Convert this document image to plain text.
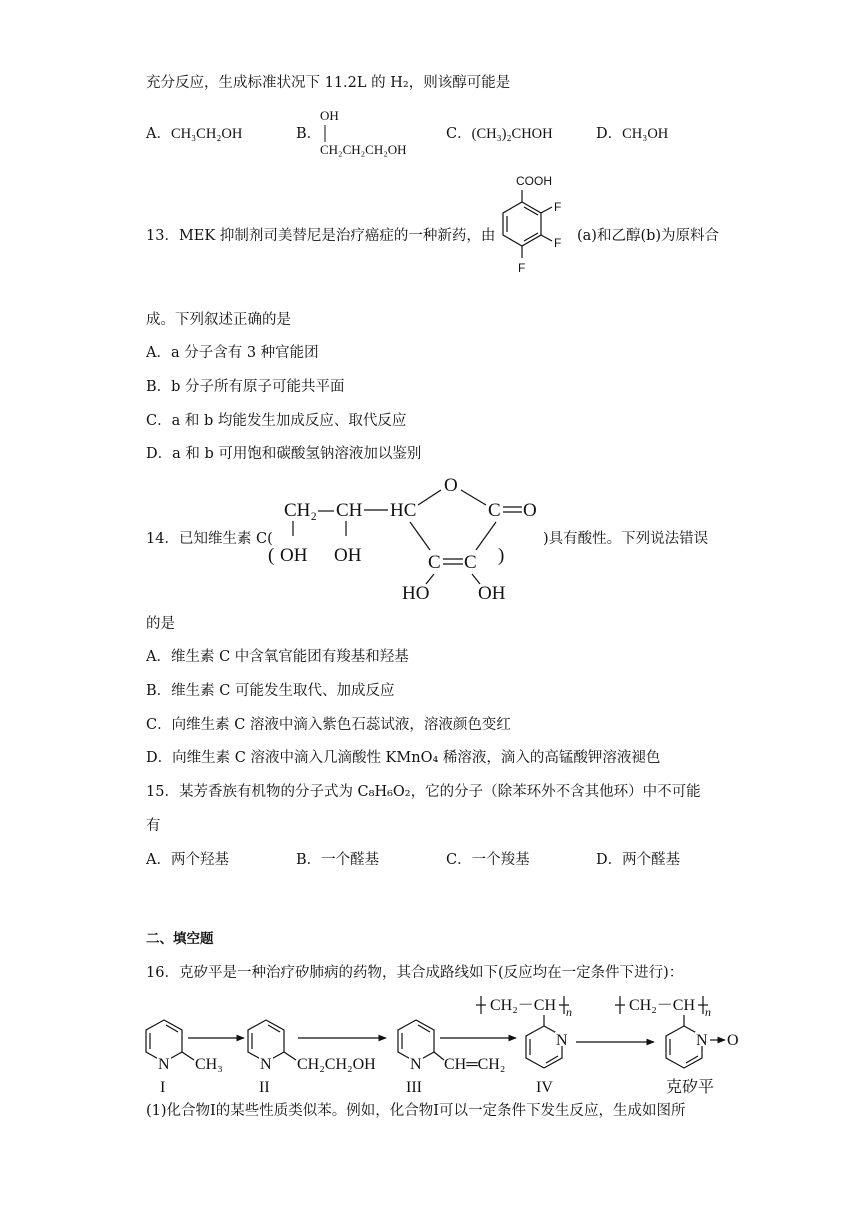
充分反应，生成标准状况下 11.2L 的 H₂，则该醇可能是
A．CH₃CH₂OH	B．
OH
CH₂CH₂CH₂OH
C．(CH₃)₂CHOH	D．CH₃OH
13．MEK 抑制剂司美替尼是治疗癌症的一种新药，由
COOH
F
F
F
(a)和乙醇(b)为原料合
成。下列叙述正确的是
A．a 分子含有 3 种官能团
B．b 分子所有原子可能共平面
C．a 和 b 均能发生加成反应、取代反应
D．a 和 b 可用饱和碳酸氢钠溶液加以鉴别
14．已知维生素 C(
CH₂ CH HC
O
C O
C C
( OH OH	)
HO	OH
)具有酸性。下列说法错误
的是
A．维生素 C 中含氧官能团有羧基和羟基
B．维生素 C 可能发生取代、加成反应
C．向维生素 C 溶液中滴入紫色石蕊试液，溶液颜色变红
D．向维生素 C 溶液中滴入几滴酸性 KMnO₄ 稀溶液，滴入的高锰酸钾溶液褪色
15．某芳香族有机物的分子式为 C₈H₆O₂，它的分子（除苯环外不含其他环）中不可能
有
A．两个羟基	B．一个醛基	C．一个羧基	D．两个醛基
二、填空题
16．克矽平是一种治疗矽肺病的药物，其合成路线如下(反应均在一定条件下进行)：
N CH₃
I
N CH₂CH₂OH
II
N CH═CH₂
III
CH₂－CH n
N
IV
CH₂－CH n
N O
克矽平
(1)化合物Ⅰ的某些性质类似苯。例如，化合物Ⅰ可以一定条件下发生反应，生成如图所
